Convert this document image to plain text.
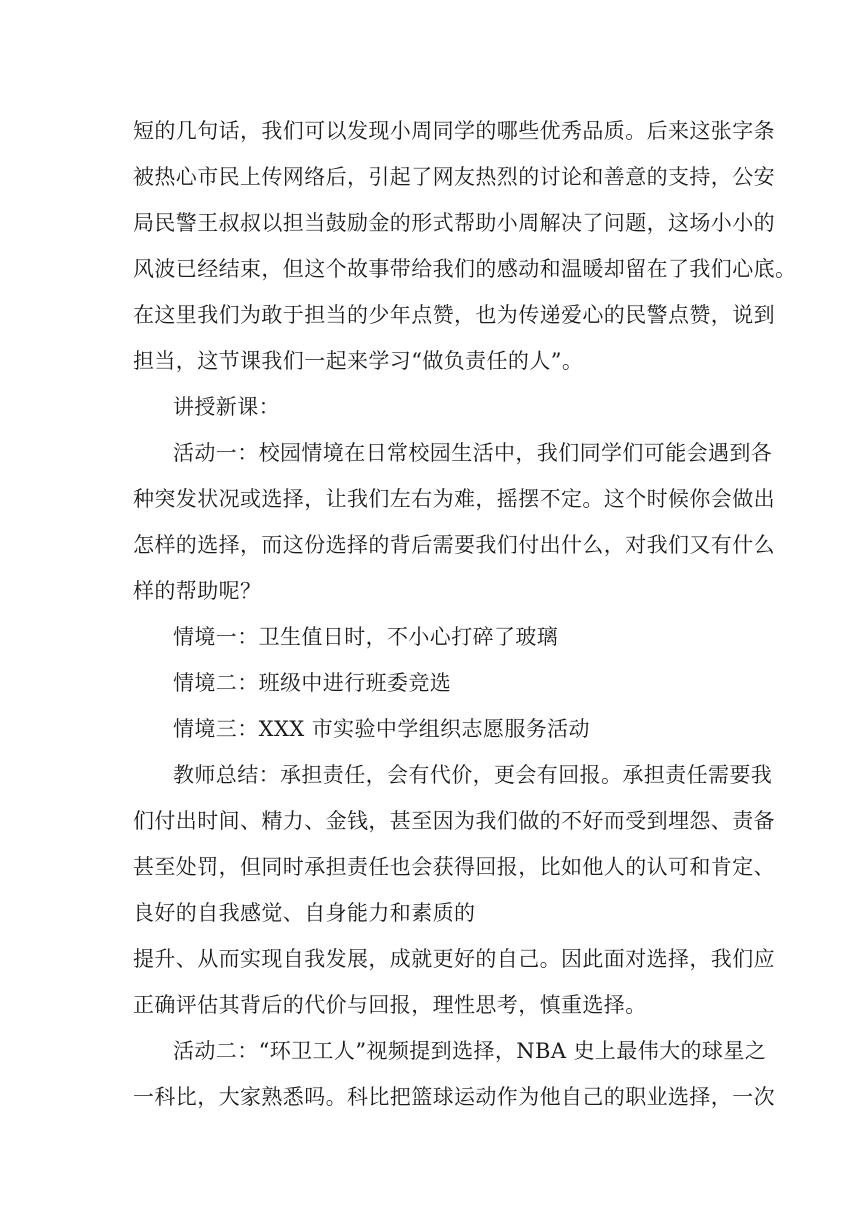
短的几句话，我们可以发现小周同学的哪些优秀品质。后来这张字条
被热心市民上传网络后，引起了网友热烈的讨论和善意的支持，公安
局民警王叔叔以担当鼓励金的形式帮助小周解决了问题，这场小小的
风波已经结束，但这个故事带给我们的感动和温暖却留在了我们心底。
在这里我们为敢于担当的少年点赞，也为传递爱心的民警点赞，说到
担当，这节课我们一起来学习“做负责任的人”。
讲授新课：
活动一：校园情境在日常校园生活中，我们同学们可能会遇到各
种突发状况或选择，让我们左右为难，摇摆不定。这个时候你会做出
怎样的选择，而这份选择的背后需要我们付出什么，对我们又有什么
样的帮助呢？
情境一：卫生值日时，不小心打碎了玻璃
情境二：班级中进行班委竞选
情境三：XXX 市实验中学组织志愿服务活动
教师总结：承担责任，会有代价，更会有回报。承担责任需要我
们付出时间、精力、金钱，甚至因为我们做的不好而受到埋怨、责备
甚至处罚，但同时承担责任也会获得回报，比如他人的认可和肯定、
良好的自我感觉、自身能力和素质的
提升、从而实现自我发展，成就更好的自己。因此面对选择，我们应
正确评估其背后的代价与回报，理性思考，慎重选择。
活动二：“环卫工人”视频提到选择，NBA 史上最伟大的球星之
一科比，大家熟悉吗。科比把篮球运动作为他自己的职业选择，一次
